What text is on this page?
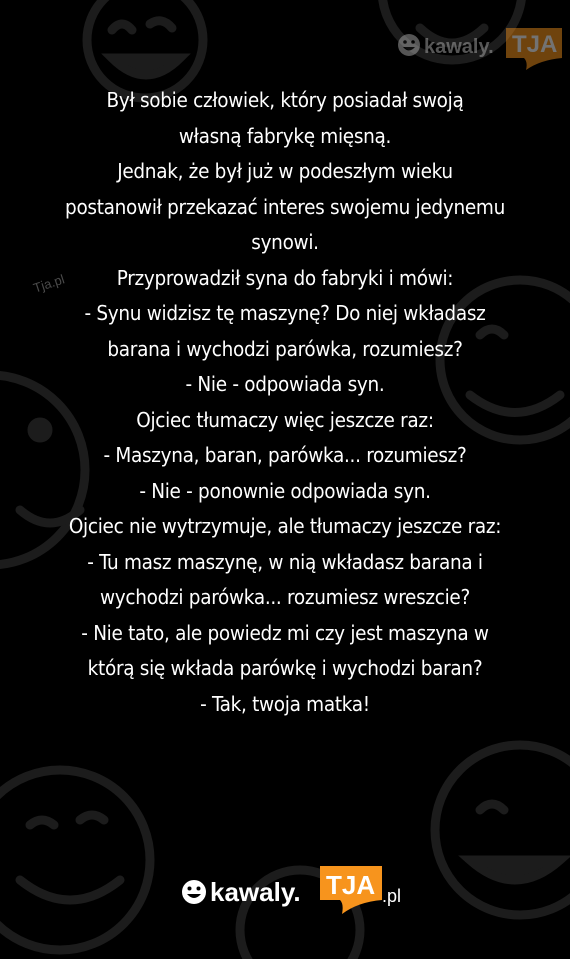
kawaly. TJA
Tja.pl
Był sobie człowiek, który posiadał swoją
własną fabrykę mięsną.
Jednak, że był już w podeszłym wieku
postanowił przekazać interes swojemu jedynemu
synowi.
Przyprowadził syna do fabryki i mówi:
- Synu widzisz tę maszynę? Do niej wkładasz
barana i wychodzi parówka, rozumiesz?
- Nie - odpowiada syn.
Ojciec tłumaczy więc jeszcze raz:
- Maszyna, baran, parówka... rozumiesz?
- Nie - ponownie odpowiada syn.
Ojciec nie wytrzymuje, ale tłumaczy jeszcze raz:
- Tu masz maszynę, w nią wkładasz barana i
wychodzi parówka... rozumiesz wreszcie?
- Nie tato, ale powiedz mi czy jest maszyna w
którą się wkłada parówkę i wychodzi baran?
- Tak, twoja matka!
kawaly. TJA .pl
